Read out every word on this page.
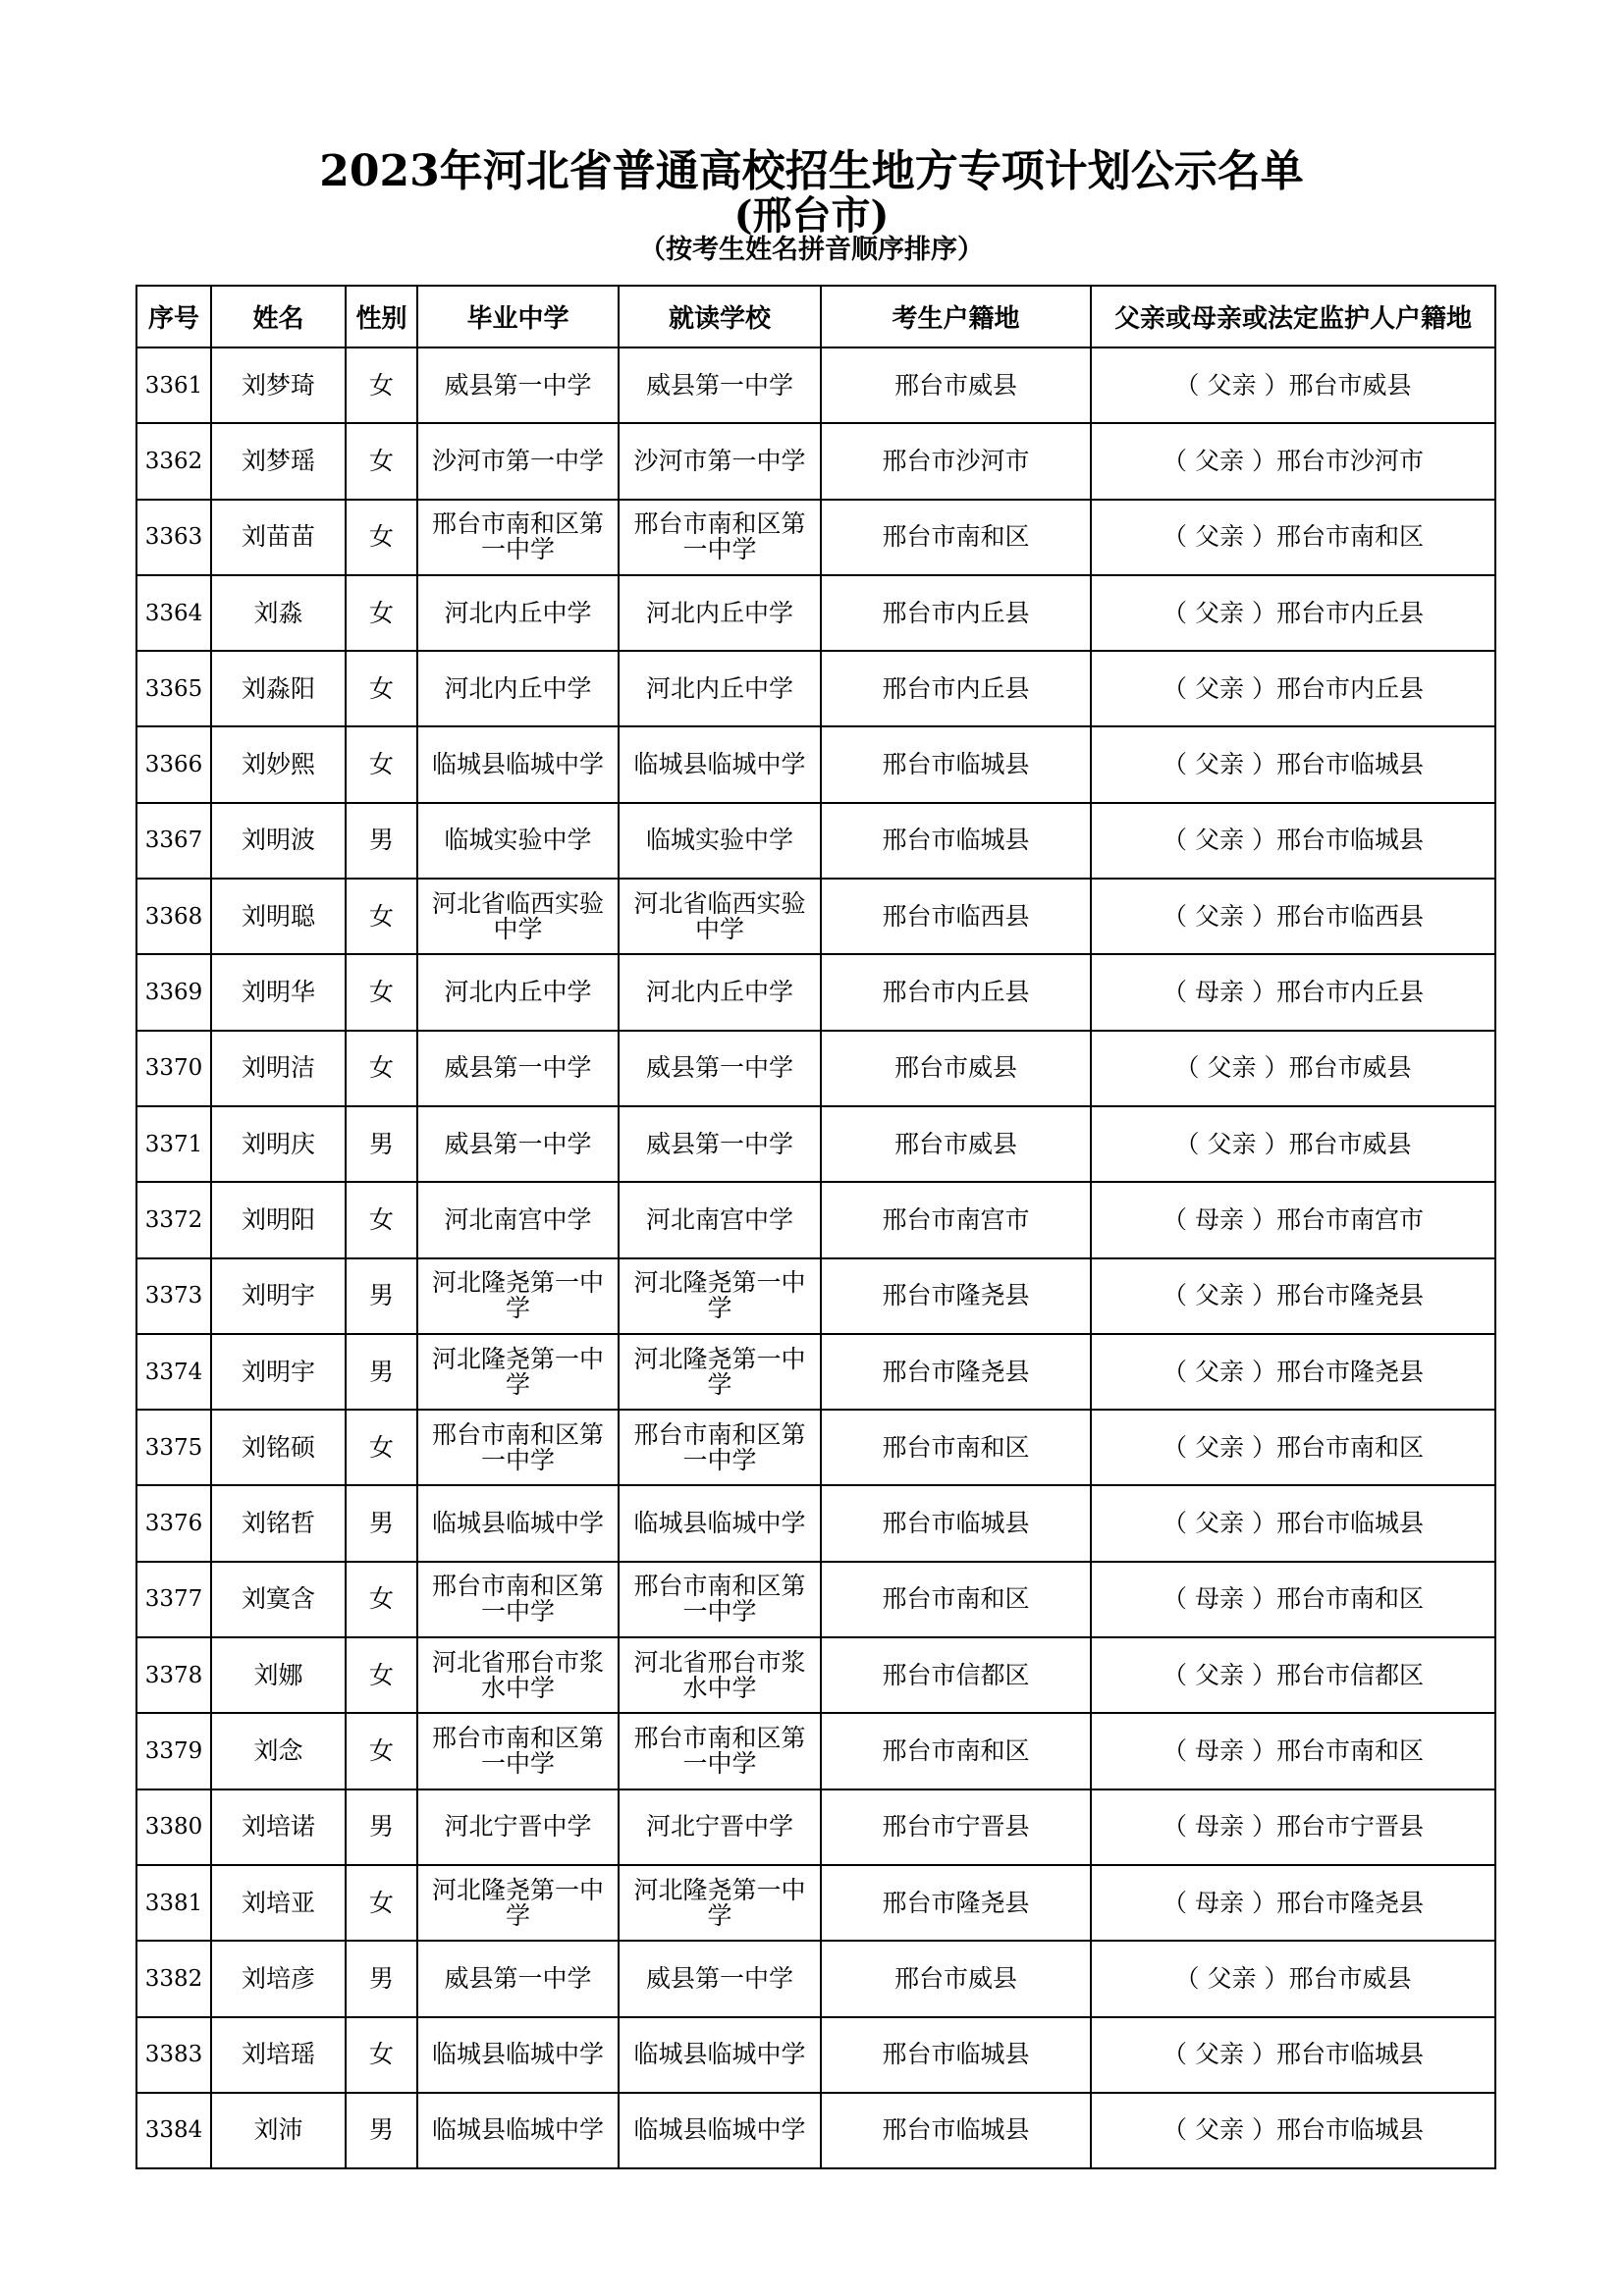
2023年河北省普通高校招生地方专项计划公示名单
(邢台市)
（按考生姓名拼音顺序排序）
序号	姓名	性别	毕业中学	就读学校	考生户籍地	父亲或母亲或法定监护人户籍地
3361	刘梦琦	女	威县第一中学	威县第一中学	邢台市威县	（ 父亲 ）邢台市威县
3362	刘梦瑶	女	沙河市第一中学	沙河市第一中学	邢台市沙河市	（ 父亲 ）邢台市沙河市
3363	刘苗苗	女	邢台市南和区第一中学	邢台市南和区第一中学	邢台市南和区	（ 父亲 ）邢台市南和区
3364	刘淼	女	河北内丘中学	河北内丘中学	邢台市内丘县	（ 父亲 ）邢台市内丘县
3365	刘淼阳	女	河北内丘中学	河北内丘中学	邢台市内丘县	（ 父亲 ）邢台市内丘县
3366	刘妙熙	女	临城县临城中学	临城县临城中学	邢台市临城县	（ 父亲 ）邢台市临城县
3367	刘明波	男	临城实验中学	临城实验中学	邢台市临城县	（ 父亲 ）邢台市临城县
3368	刘明聪	女	河北省临西实验中学	河北省临西实验中学	邢台市临西县	（ 父亲 ）邢台市临西县
3369	刘明华	女	河北内丘中学	河北内丘中学	邢台市内丘县	（ 母亲 ）邢台市内丘县
3370	刘明洁	女	威县第一中学	威县第一中学	邢台市威县	（ 父亲 ）邢台市威县
3371	刘明庆	男	威县第一中学	威县第一中学	邢台市威县	（ 父亲 ）邢台市威县
3372	刘明阳	女	河北南宫中学	河北南宫中学	邢台市南宫市	（ 母亲 ）邢台市南宫市
3373	刘明宇	男	河北隆尧第一中学	河北隆尧第一中学	邢台市隆尧县	（ 父亲 ）邢台市隆尧县
3374	刘明宇	男	河北隆尧第一中学	河北隆尧第一中学	邢台市隆尧县	（ 父亲 ）邢台市隆尧县
3375	刘铭硕	女	邢台市南和区第一中学	邢台市南和区第一中学	邢台市南和区	（ 父亲 ）邢台市南和区
3376	刘铭哲	男	临城县临城中学	临城县临城中学	邢台市临城县	（ 父亲 ）邢台市临城县
3377	刘寞含	女	邢台市南和区第一中学	邢台市南和区第一中学	邢台市南和区	（ 母亲 ）邢台市南和区
3378	刘娜	女	河北省邢台市浆水中学	河北省邢台市浆水中学	邢台市信都区	（ 父亲 ）邢台市信都区
3379	刘念	女	邢台市南和区第一中学	邢台市南和区第一中学	邢台市南和区	（ 母亲 ）邢台市南和区
3380	刘培诺	男	河北宁晋中学	河北宁晋中学	邢台市宁晋县	（ 母亲 ）邢台市宁晋县
3381	刘培亚	女	河北隆尧第一中学	河北隆尧第一中学	邢台市隆尧县	（ 母亲 ）邢台市隆尧县
3382	刘培彦	男	威县第一中学	威县第一中学	邢台市威县	（ 父亲 ）邢台市威县
3383	刘培瑶	女	临城县临城中学	临城县临城中学	邢台市临城县	（ 父亲 ）邢台市临城县
3384	刘沛	男	临城县临城中学	临城县临城中学	邢台市临城县	（ 父亲 ）邢台市临城县
